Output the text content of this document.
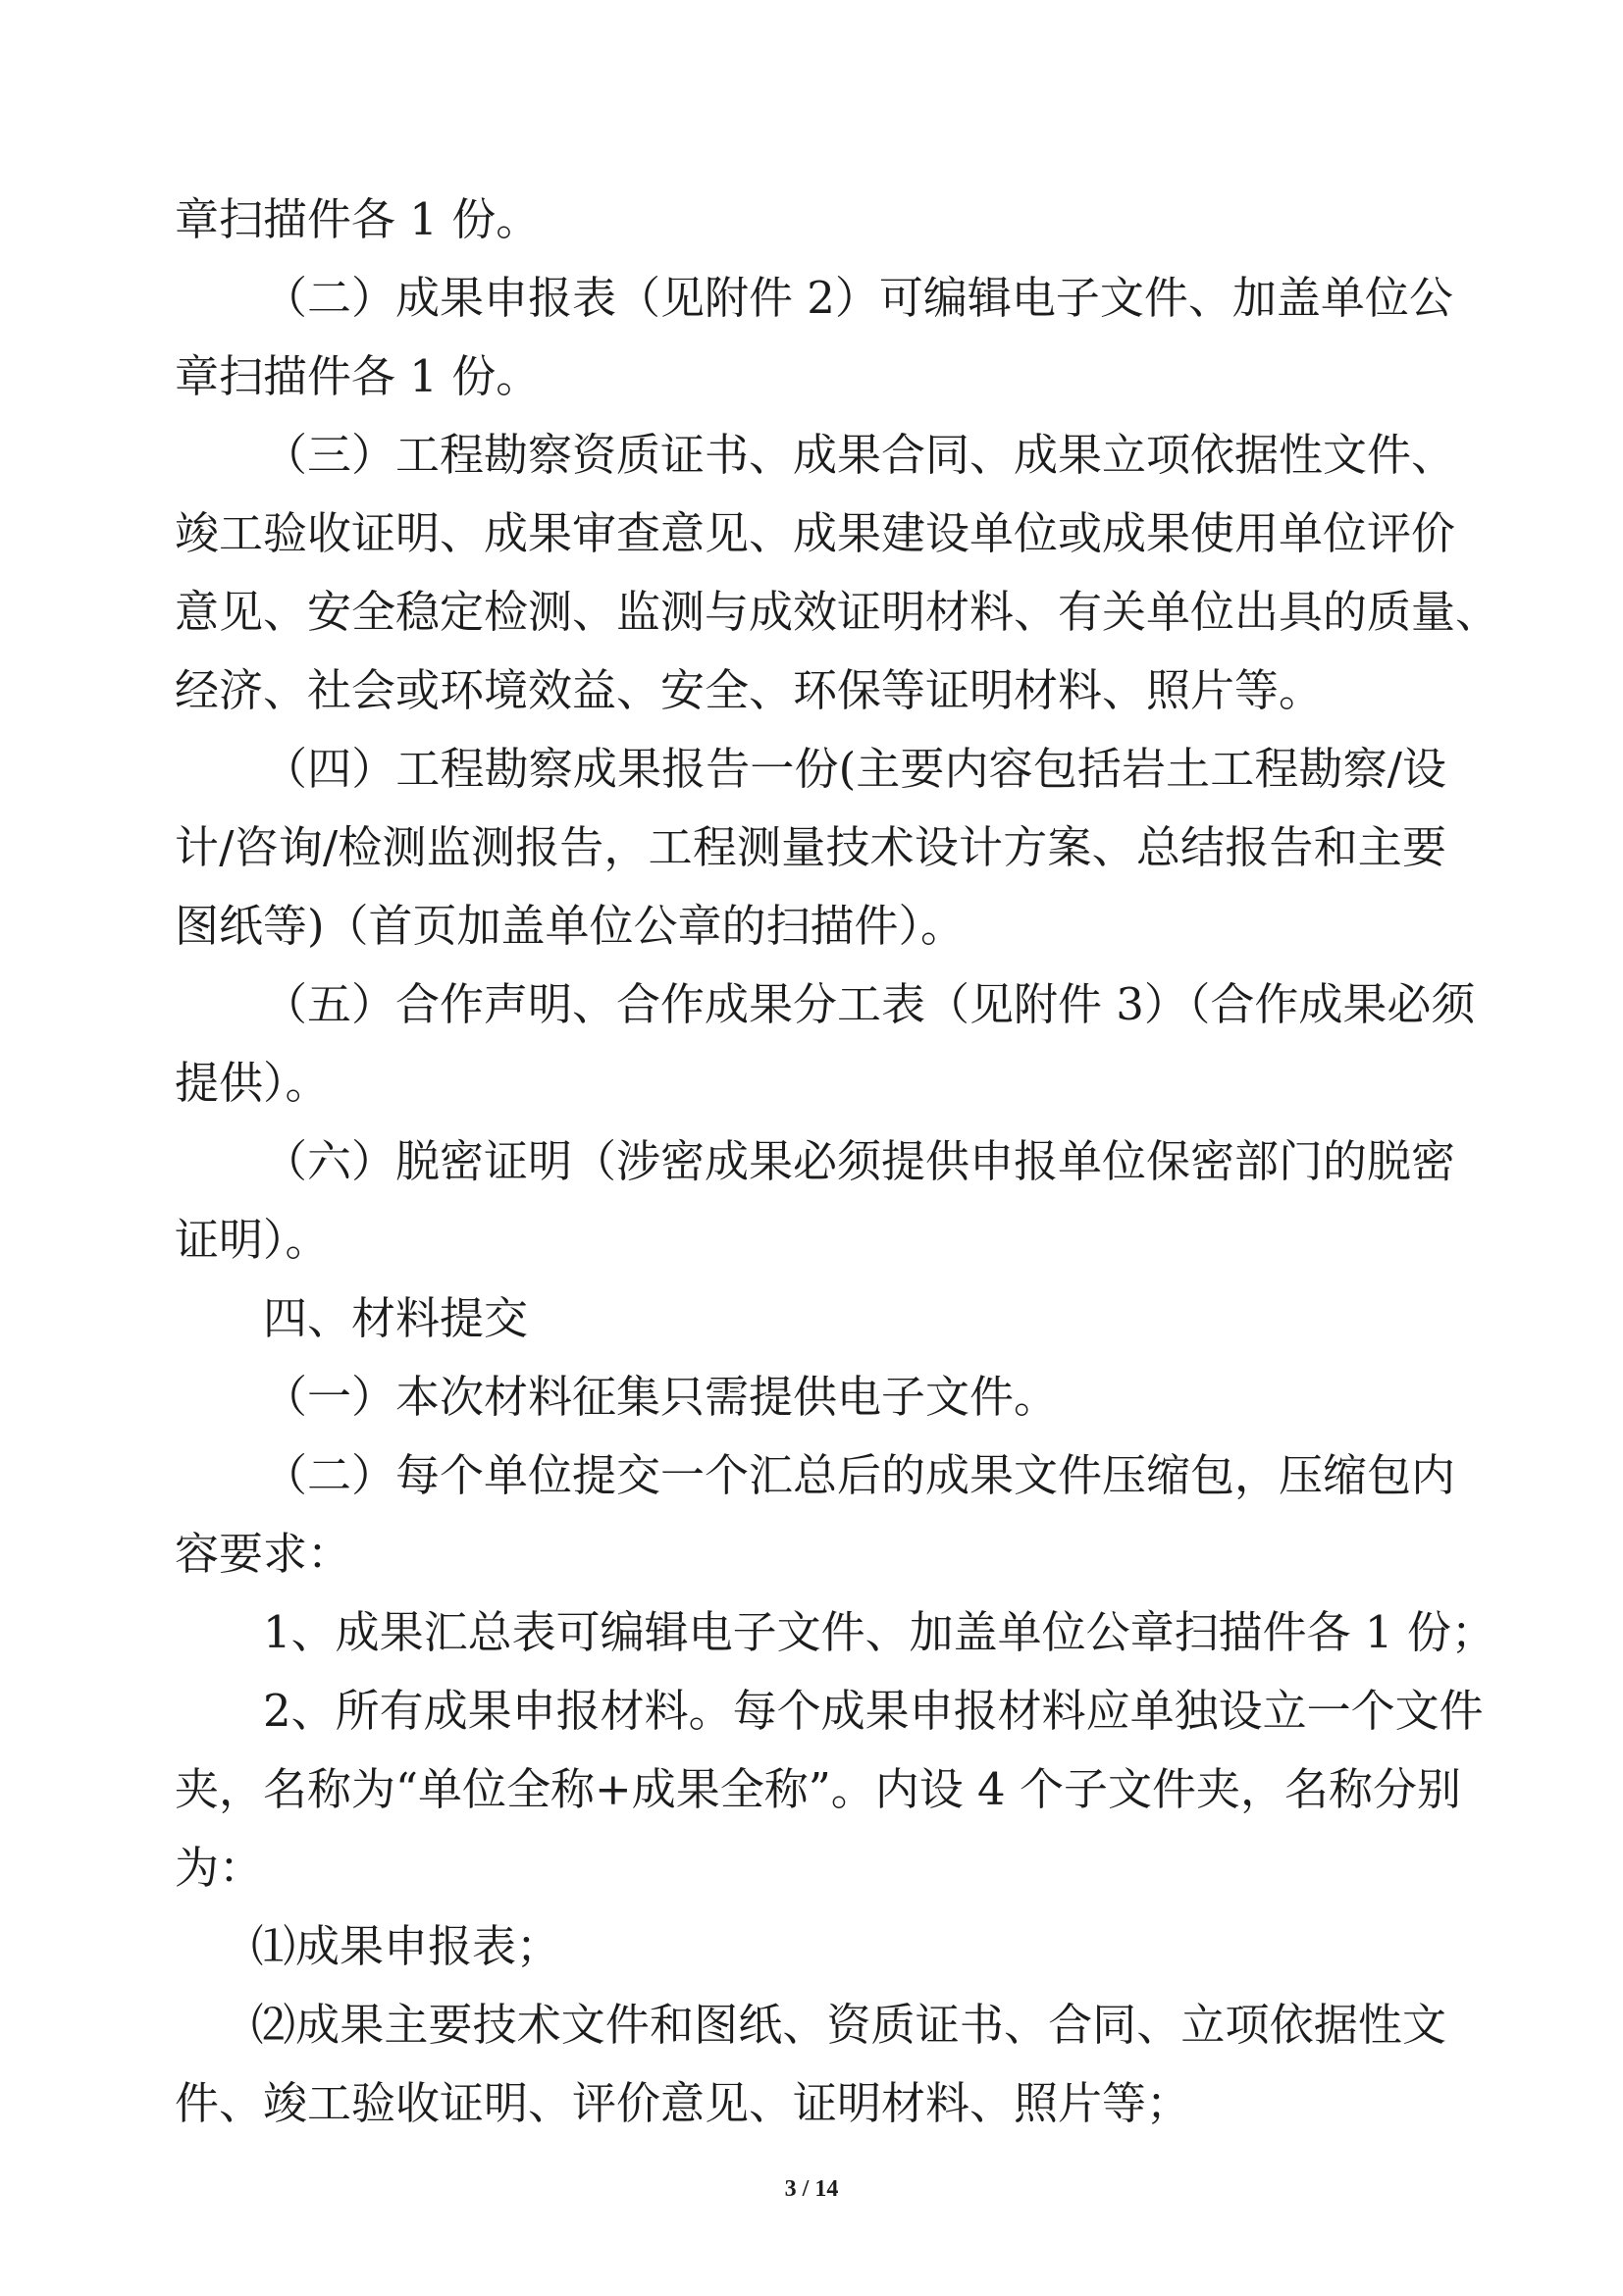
章扫描件各 1 份。
（二）成果申报表（见附件 2）可编辑电子文件、加盖单位公
章扫描件各 1 份。
（三）工程勘察资质证书、成果合同、成果立项依据性文件、
竣工验收证明、成果审查意见、成果建设单位或成果使用单位评价
意见、安全稳定检测、监测与成效证明材料、有关单位出具的质量、
经济、社会或环境效益、安全、环保等证明材料、照片等。
（四）工程勘察成果报告一份(主要内容包括岩土工程勘察/设
计/咨询/检测监测报告，工程测量技术设计方案、总结报告和主要
图纸等)（首页加盖单位公章的扫描件）。
（五）合作声明、合作成果分工表（见附件 3）（合作成果必须
提供）。
（六）脱密证明（涉密成果必须提供申报单位保密部门的脱密
证明）。
四、材料提交
（一）本次材料征集只需提供电子文件。
（二）每个单位提交一个汇总后的成果文件压缩包，压缩包内
容要求：
1、成果汇总表可编辑电子文件、加盖单位公章扫描件各 1 份；
2、所有成果申报材料。每个成果申报材料应单独设立一个文件
夹，名称为“单位全称+成果全称”。内设 4 个子文件夹，名称分别
为：
⑴成果申报表；
⑵成果主要技术文件和图纸、资质证书、合同、立项依据性文
件、竣工验收证明、评价意见、证明材料、照片等；
3 / 14
